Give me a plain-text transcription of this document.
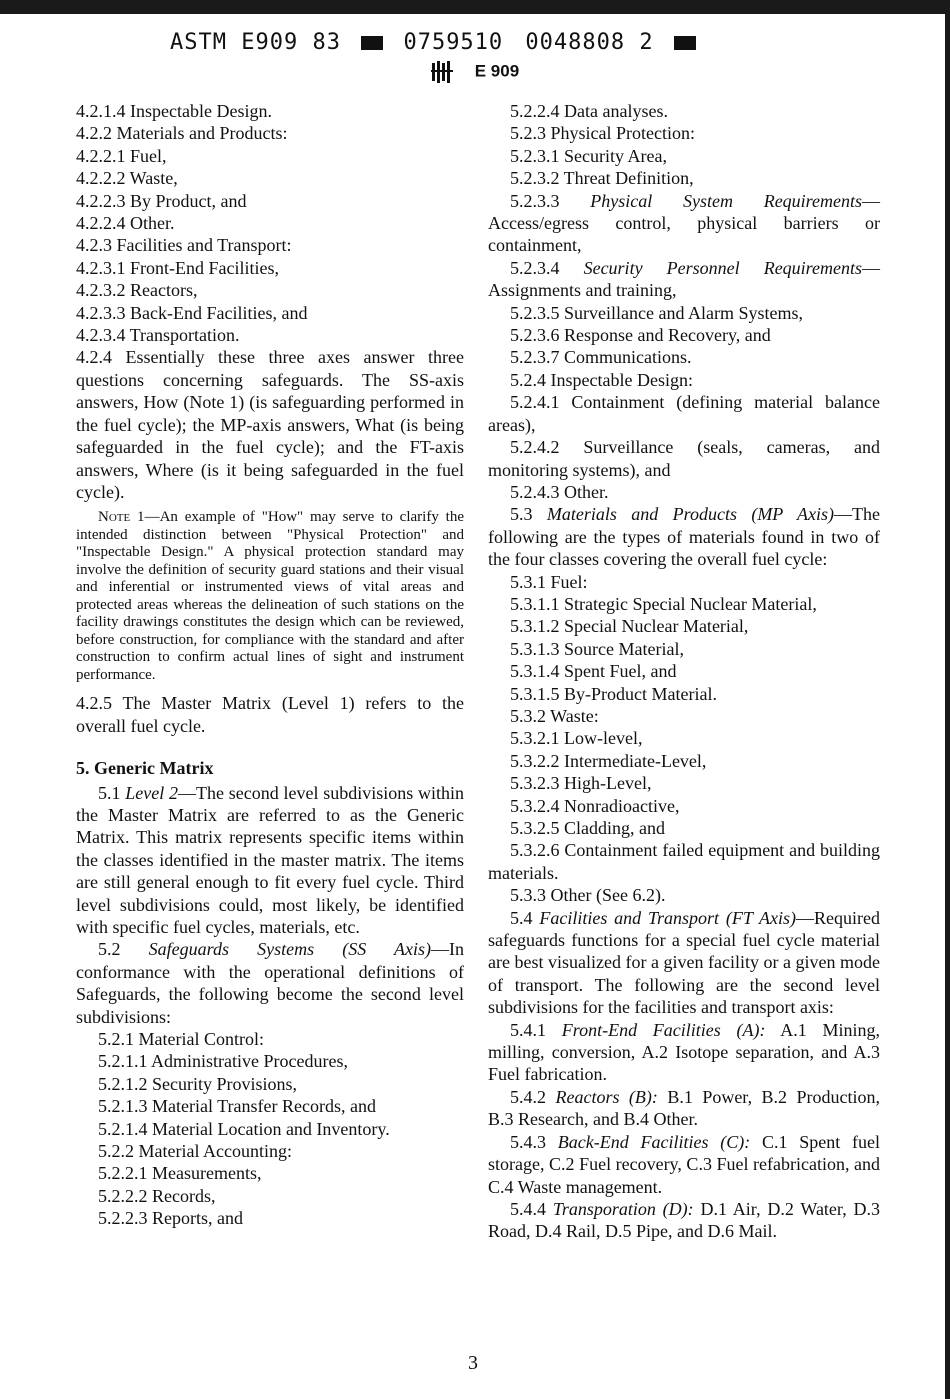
ASTM E909 83	0759510 0048808 2
E 909

4.2.1.4 Inspectable Design.

4.2.2 Materials and Products:

4.2.2.1 Fuel,

4.2.2.2 Waste,

4.2.2.3 By Product, and

4.2.2.4 Other.

4.2.3 Facilities and Transport:

4.2.3.1 Front-End Facilities,

4.2.3.2 Reactors,

4.2.3.3 Back-End Facilities, and

4.2.3.4 Transportation.

4.2.4 Essentially these three axes answer three questions concerning safeguards. The SS-axis answers, How (Note 1) (is safeguarding performed in the fuel cycle); the MP-axis answers, What (is being safeguarded in the fuel cycle); and the FT-axis answers, Where (is it being safeguarded in the fuel cycle).

Note 1—An example of "How" may serve to clarify the intended distinction between "Physical Protection" and "Inspectable Design." A physical protection standard may involve the definition of security guard stations and their visual and inferential or instrumented views of vital areas and protected areas whereas the delineation of such stations on the facility drawings constitutes the design which can be reviewed, before construction, for compliance with the standard and after construction to confirm actual lines of sight and instrument performance.

4.2.5 The Master Matrix (Level 1) refers to the overall fuel cycle.

5. Generic Matrix

5.1 Level 2—The second level subdivisions within the Master Matrix are referred to as the Generic Matrix. This matrix represents specific items within the classes identified in the master matrix. The items are still general enough to fit every fuel cycle. Third level subdivisions could, most likely, be identified with specific fuel cycles, materials, etc.

5.2 Safeguards Systems (SS Axis)—In conformance with the operational definitions of Safeguards, the following become the second level subdivisions:

5.2.1 Material Control:

5.2.1.1 Administrative Procedures,

5.2.1.2 Security Provisions,

5.2.1.3 Material Transfer Records, and

5.2.1.4 Material Location and Inventory.

5.2.2 Material Accounting:

5.2.2.1 Measurements,

5.2.2.2 Records,

5.2.2.3 Reports, and

5.2.2.4 Data analyses.

5.2.3 Physical Protection:

5.2.3.1 Security Area,

5.2.3.2 Threat Definition,

5.2.3.3 Physical System Requirements—Access/egress control, physical barriers or containment,

5.2.3.4 Security Personnel Requirements—Assignments and training,

5.2.3.5 Surveillance and Alarm Systems,

5.2.3.6 Response and Recovery, and

5.2.3.7 Communications.

5.2.4 Inspectable Design:

5.2.4.1 Containment (defining material balance areas),

5.2.4.2 Surveillance (seals, cameras, and monitoring systems), and

5.2.4.3 Other.

5.3 Materials and Products (MP Axis)—The following are the types of materials found in two of the four classes covering the overall fuel cycle:

5.3.1 Fuel:

5.3.1.1 Strategic Special Nuclear Material,

5.3.1.2 Special Nuclear Material,

5.3.1.3 Source Material,

5.3.1.4 Spent Fuel, and

5.3.1.5 By-Product Material.

5.3.2 Waste:

5.3.2.1 Low-level,

5.3.2.2 Intermediate-Level,

5.3.2.3 High-Level,

5.3.2.4 Nonradioactive,

5.3.2.5 Cladding, and

5.3.2.6 Containment failed equipment and building materials.

5.3.3 Other (See 6.2).

5.4 Facilities and Transport (FT Axis)—Required safeguards functions for a special fuel cycle material are best visualized for a given facility or a given mode of transport. The following are the second level subdivisions for the facilities and transport axis:

5.4.1 Front-End Facilities (A): A.1 Mining, milling, conversion, A.2 Isotope separation, and A.3 Fuel fabrication.

5.4.2 Reactors (B): B.1 Power, B.2 Production, B.3 Research, and B.4 Other.

5.4.3 Back-End Facilities (C): C.1 Spent fuel storage, C.2 Fuel recovery, C.3 Fuel refabrication, and C.4 Waste management.

5.4.4 Transporation (D): D.1 Air, D.2 Water, D.3 Road, D.4 Rail, D.5 Pipe, and D.6 Mail.

3
